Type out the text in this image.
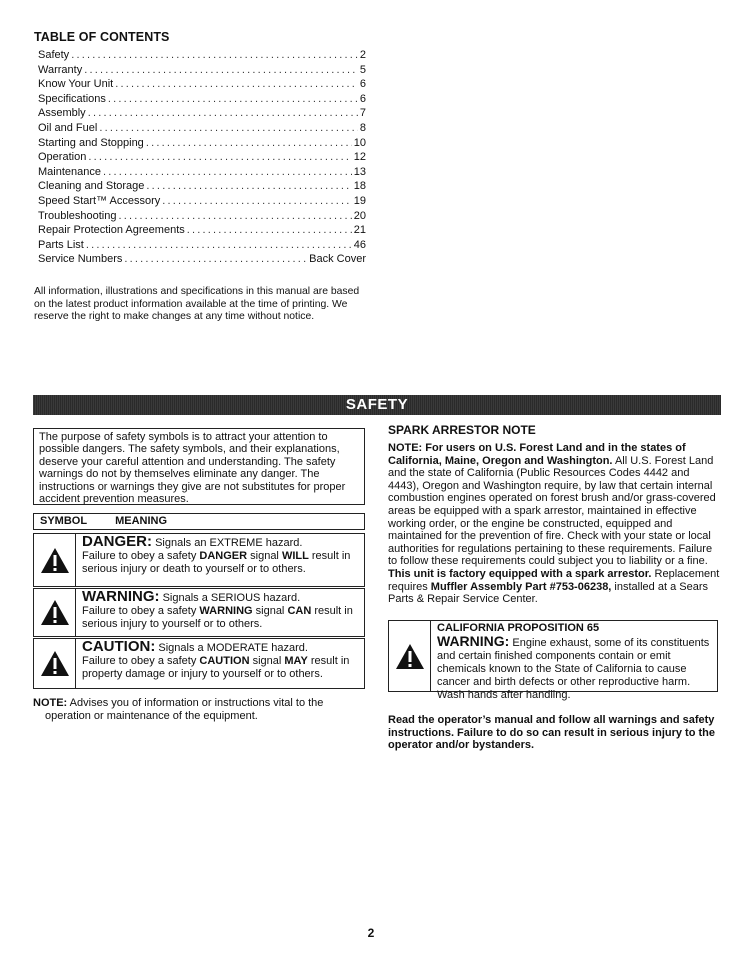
TABLE OF CONTENTS
Safety .....	2
Warranty .....	5
Know Your Unit .....	6
Specifications .....	6
Assembly .....	7
Oil and Fuel .....	8
Starting and Stopping .....	10
Operation .....	12
Maintenance .....	13
Cleaning and Storage .....	18
Speed Start™ Accessory .....	19
Troubleshooting .....	20
Repair Protection Agreements .....	21
Parts List .....	46
Service Numbers .....	Back Cover

All information, illustrations and specifications in this manual are based on the latest product information available at the time of printing. We reserve the right to make changes at any time without notice.

SAFETY
The purpose of safety symbols is to attract your attention to possible dangers. The safety symbols, and their explanations, deserve your careful attention and understanding. The safety warnings do not by themselves eliminate any danger. The instructions or warnings they give are not substitutes for proper accident prevention measures.
SYMBOL	MEANING
DANGER: Signals an EXTREME hazard.
Failure to obey a safety DANGER signal WILL result in serious injury or death to yourself or to others.
WARNING: Signals a SERIOUS hazard.
Failure to obey a safety WARNING signal CAN result in serious injury to yourself or to others.
CAUTION: Signals a MODERATE hazard.
Failure to obey a safety CAUTION signal MAY result in property damage or injury to yourself or to others.

NOTE: Advises you of information or instructions vital to the operation or maintenance of the equipment.

SPARK ARRESTOR NOTE

NOTE: For users on U.S. Forest Land and in the states of California, Maine, Oregon and Washington. All U.S. Forest Land and the state of California (Public Resources Codes 4442 and 4443), Oregon and Washington require, by law that certain internal combustion engines operated on forest brush and/or grass-covered areas be equipped with a spark arrestor, maintained in effective working order, or the engine be constructed, equipped and maintained for the prevention of fire. Check with your state or local authorities for regulations pertaining to these requirements. Failure to follow these requirements could subject you to liability or a fine. This unit is factory equipped with a spark arrestor. Replacement requires Muffler Assembly Part #753-06238, installed at a Sears Parts & Repair Service Center.

CALIFORNIA PROPOSITION 65
WARNING: Engine exhaust, some of its constituents and certain finished components contain or emit chemicals known to the State of California to cause cancer and birth defects or other reproductive harm. Wash hands after handling.

Read the operator’s manual and follow all warnings and safety instructions. Failure to do so can result in serious injury to the operator and/or bystanders.

2
